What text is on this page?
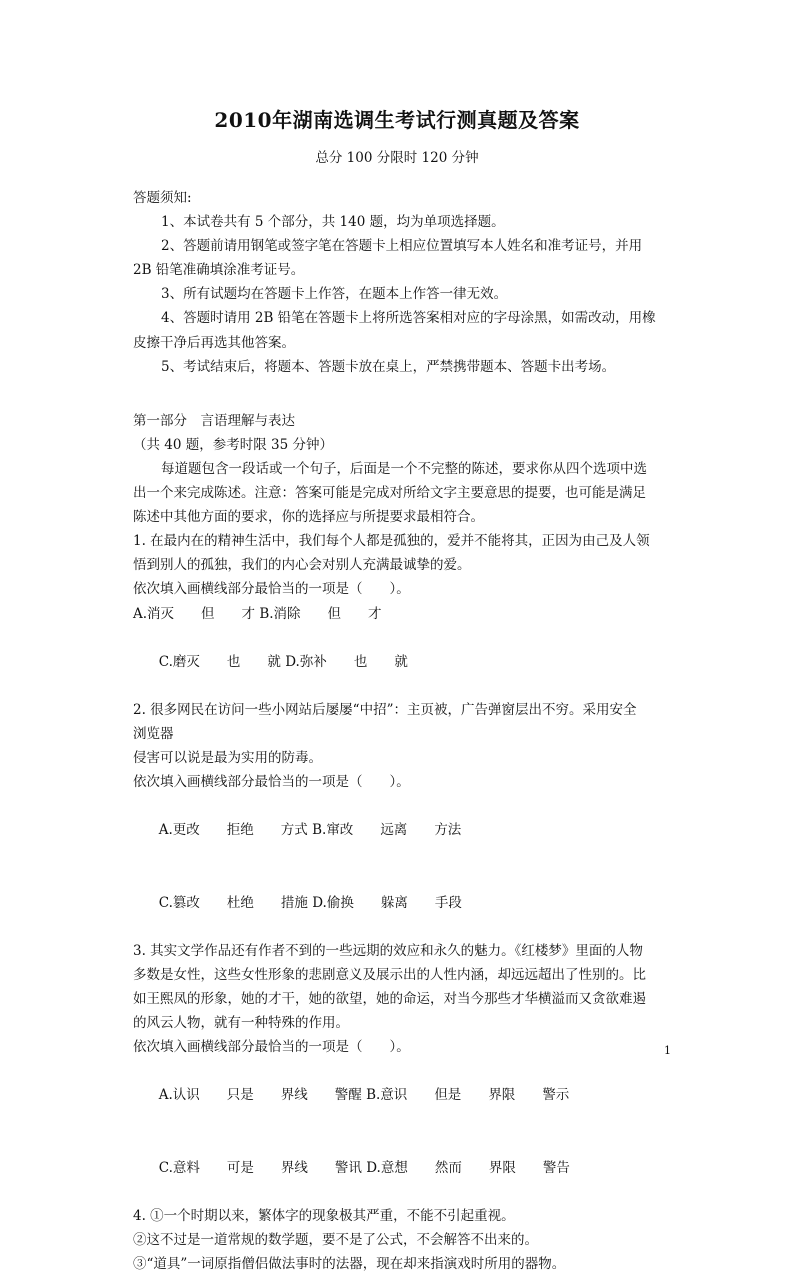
2010年湖南选调生考试行测真题及答案
总分 100 分限时 120 分钟

答题须知:

1、本试卷共有 5 个部分，共 140 题，均为单项选择题。

2、答题前请用钢笔或签字笔在答题卡上相应位置填写本人姓名和准考证号，并用

2B 铅笔准确填涂准考证号。

3、所有试题均在答题卡上作答，在题本上作答一律无效。

4、答题时请用 2B 铅笔在答题卡上将所选答案相对应的字母涂黑，如需改动，用橡

皮擦干净后再选其他答案。

5、考试结束后，将题本、答题卡放在桌上，严禁携带题本、答题卡出考场。

第一部分　言语理解与表达

（共 40 题，参考时限 35 分钟）

每道题包含一段话或一个句子，后面是一个不完整的陈述，要求你从四个选项中选

出一个来完成陈述。注意：答案可能是完成对所给文字主要意思的提要，也可能是满足

陈述中其他方面的要求，你的选择应与所提要求最相符合。

1. 在最内在的精神生活中，我们每个人都是孤独的，爱并不能将其，正因为由己及人领

悟到别人的孤独，我们的内心会对别人充满最诚挚的爱。

依次填入画横线部分最恰当的一项是（　　）。

A.消灭　　但　　才 B.消除　　但　　才

C.磨灭　　 也　　 就 D.弥补　　 也　　 就

2. 很多网民在访问一些小网站后屡屡“中招”：主页被，广告弹窗层出不穷。采用安全

浏览器

侵害可以说是最为实用的防毒。

依次填入画横线部分最恰当的一项是（　　）。

A.更改　　 拒绝　　 方式 B.窜改　　 远离　　 方法

C.篡改　　 杜绝　　 措施 D.偷换　　 躲离　　 手段

3. 其实文学作品还有作者不到的一些远期的效应和永久的魅力。《红楼梦》里面的人物

多数是女性，这些女性形象的悲剧意义及展示出的人性内涵，却远远超出了性别的。比

如王熙凤的形象，她的才干，她的欲望，她的命运，对当今那些才华横溢而又贪欲难遏

的风云人物，就有一种特殊的作用。

依次填入画横线部分最恰当的一项是（　　）。

A.认识　　 只是　　 界线　　 警醒 B.意识　　 但是　　 界限　　 警示

C.意料　　 可是　　 界线　　 警讯 D.意想　　 然而　　 界限　　 警告

4. ①一个时期以来，繁体字的现象极其严重，不能不引起重视。

②这不过是一道常规的数学题，要不是了公式，不会解答不出来的。

③“道具”一词原指僧侣做法事时的法器，现在却来指演戏时所用的器物。

1
